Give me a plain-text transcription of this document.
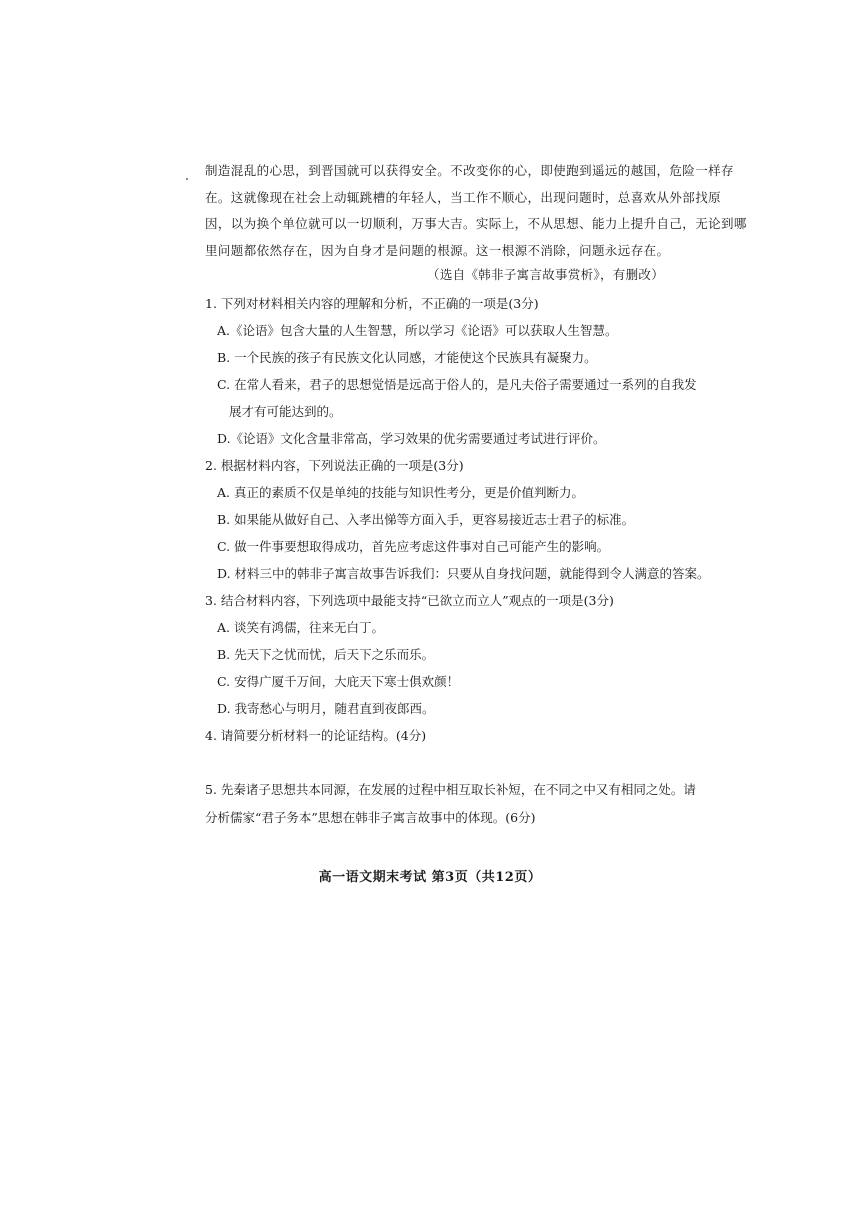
制造混乱的心思，到晋国就可以获得安全。不改变你的心，即使跑到遥远的越国，危险一样存
在。这就像现在社会上动辄跳槽的年轻人，当工作不顺心，出现问题时，总喜欢从外部找原
因，以为换个单位就可以一切顺利，万事大吉。实际上，不从思想、能力上提升自己，无论到哪
里问题都依然存在，因为自身才是问题的根源。这一根源不消除，问题永远存在。
（选自《韩非子寓言故事赏析》，有删改）
1. 下列对材料相关内容的理解和分析，不正确的一项是(3分)
A.《论语》包含大量的人生智慧，所以学习《论语》可以获取人生智慧。
B. 一个民族的孩子有民族文化认同感，才能使这个民族具有凝聚力。
C. 在常人看来，君子的思想觉悟是远高于俗人的，是凡夫俗子需要通过一系列的自我发
展才有可能达到的。
D.《论语》文化含量非常高，学习效果的优劣需要通过考试进行评价。
2. 根据材料内容，下列说法正确的一项是(3分)
A. 真正的素质不仅是单纯的技能与知识性考分，更是价值判断力。
B. 如果能从做好自己、入孝出悌等方面入手，更容易接近志士君子的标准。
C. 做一件事要想取得成功，首先应考虑这件事对自己可能产生的影响。
D. 材料三中的韩非子寓言故事告诉我们：只要从自身找问题，就能得到令人满意的答案。
3. 结合材料内容，下列选项中最能支持“已欲立而立人”观点的一项是(3分)
A. 谈笑有鸿儒，往来无白丁。
B. 先天下之忧而忧，后天下之乐而乐。
C. 安得广厦千万间，大庇天下寒士俱欢颜！
D. 我寄愁心与明月，随君直到夜郎西。
4. 请简要分析材料一的论证结构。(4分)
5. 先秦诸子思想共本同源，在发展的过程中相互取长补短，在不同之中又有相同之处。请
分析儒家“君子务本”思想在韩非子寓言故事中的体现。(6分)
高一语文期末考试 第3页（共12页）
